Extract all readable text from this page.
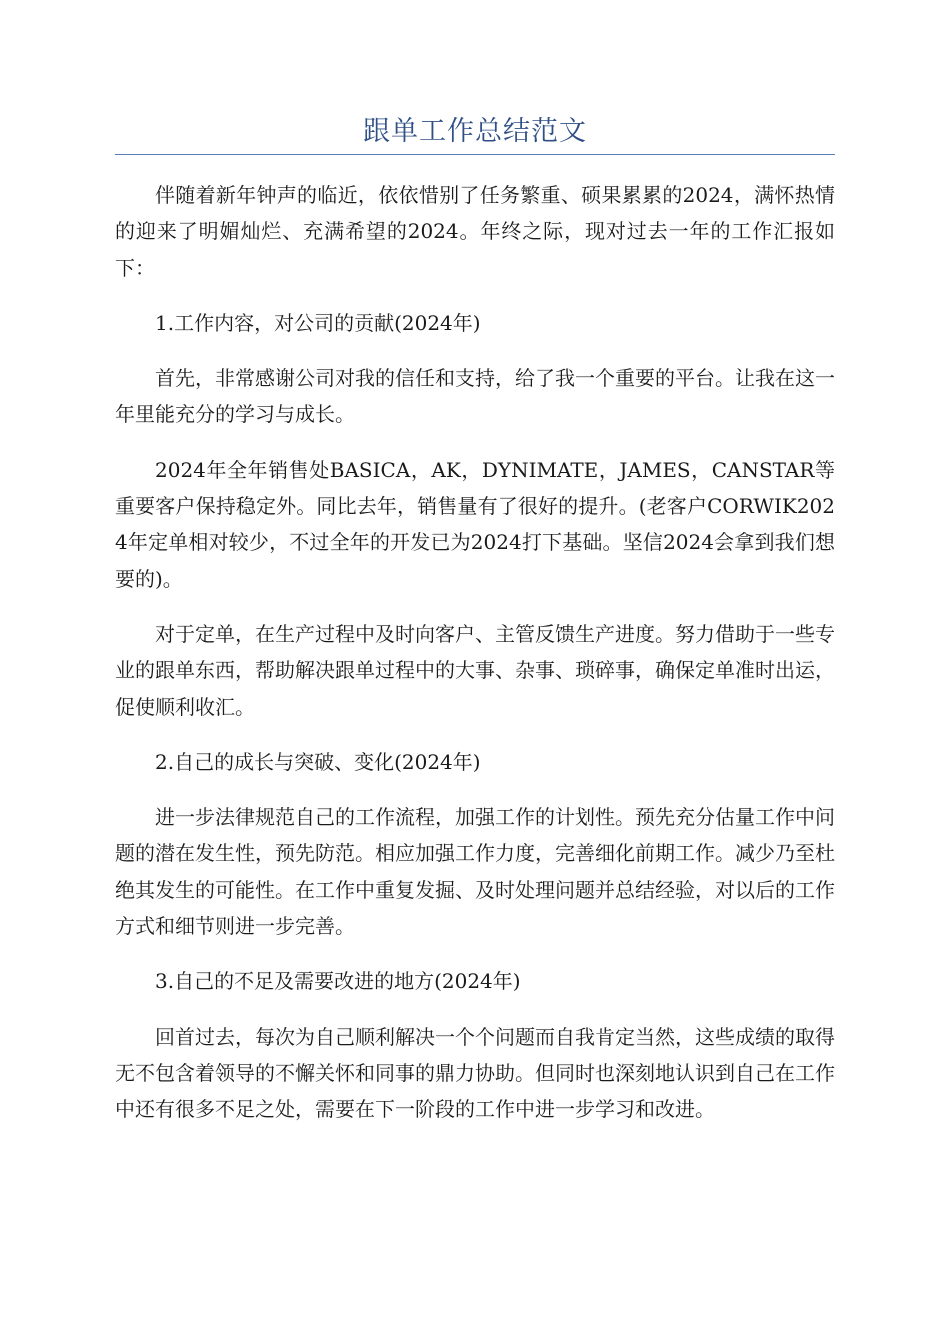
跟单工作总结范文

伴随着新年钟声的临近，依依惜别了任务繁重、硕果累累的2024，满怀热情的迎来了明媚灿烂、充满希望的2024。年终之际，现对过去一年的工作汇报如下：

1.工作内容，对公司的贡献(2024年)

首先，非常感谢公司对我的信任和支持，给了我一个重要的平台。让我在这一年里能充分的学习与成长。

2024年全年销售处BASICA，AK，DYNIMATE，JAMES，CANSTAR等重要客户保持稳定外。同比去年，销售量有了很好的提升。(老客户CORWIK2024年定单相对较少，不过全年的开发已为2024打下基础。坚信2024会拿到我们想要的)。

对于定单，在生产过程中及时向客户、主管反馈生产进度。努力借助于一些专业的跟单东西，帮助解决跟单过程中的大事、杂事、琐碎事，确保定单准时出运，促使顺利收汇。

2.自己的成长与突破、变化(2024年)

进一步法律规范自己的工作流程，加强工作的计划性。预先充分估量工作中问题的潜在发生性，预先防范。相应加强工作力度，完善细化前期工作。减少乃至杜绝其发生的可能性。在工作中重复发掘、及时处理问题并总结经验，对以后的工作方式和细节则进一步完善。

3.自己的不足及需要改进的地方(2024年)

回首过去，每次为自己顺利解决一个个问题而自我肯定当然，这些成绩的取得无不包含着领导的不懈关怀和同事的鼎力协助。但同时也深刻地认识到自己在工作中还有很多不足之处，需要在下一阶段的工作中进一步学习和改进。
